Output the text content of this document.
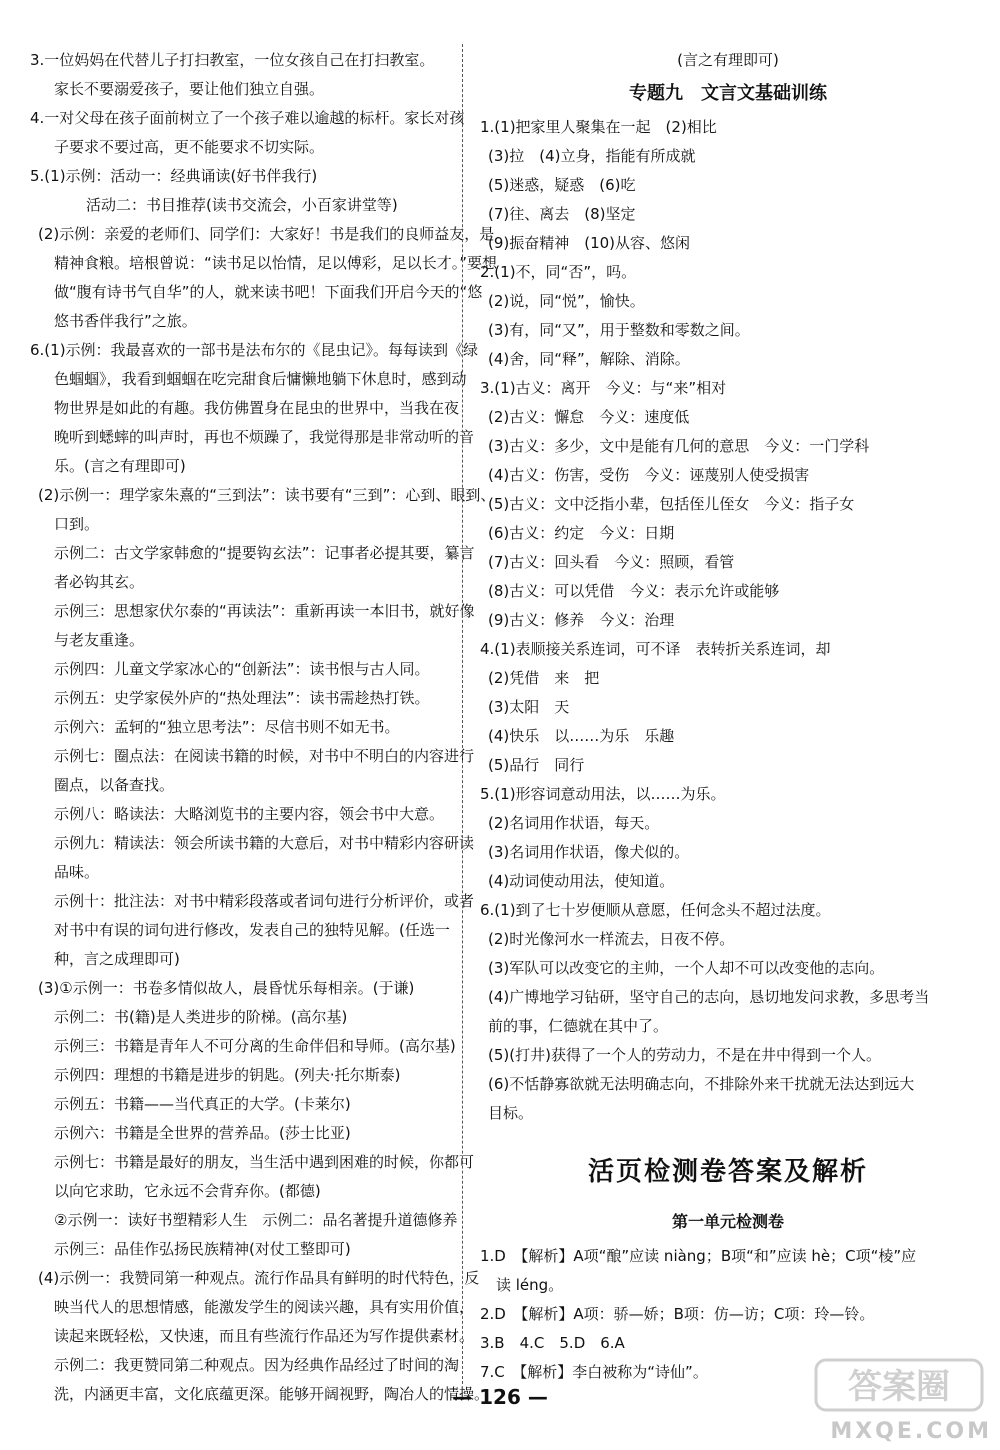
3.一位妈妈在代替儿子打扫教室，一位女孩自己在打扫教室。
家长不要溺爱孩子，要让他们独立自强。
4.一对父母在孩子面前树立了一个孩子难以逾越的标杆。家长对孩
子要求不要过高，更不能要求不切实际。
5.(1)示例：活动一：经典诵读(好书伴我行)
活动二：书目推荐(读书交流会，小百家讲堂等)
(2)示例：亲爱的老师们、同学们：大家好！书是我们的良师益友，是
精神食粮。培根曾说：“读书足以怡情，足以傅彩，足以长才。”要想
做“腹有诗书气自华”的人，就来读书吧！下面我们开启今天的“悠
悠书香伴我行”之旅。
6.(1)示例：我最喜欢的一部书是法布尔的《昆虫记》。每每读到《绿
色蝈蝈》，我看到蝈蝈在吃完甜食后慵懒地躺下休息时，感到动
物世界是如此的有趣。我仿佛置身在昆虫的世界中，当我在夜
晚听到蟋蟀的叫声时，再也不烦躁了，我觉得那是非常动听的音
乐。(言之有理即可)
(2)示例一：理学家朱熹的“三到法”：读书要有“三到”：心到、眼到、
口到。
示例二：古文学家韩愈的“提要钩玄法”：记事者必提其要，纂言
者必钩其玄。
示例三：思想家伏尔泰的“再读法”：重新再读一本旧书，就好像
与老友重逢。
示例四：儿童文学家冰心的“创新法”：读书恨与古人同。
示例五：史学家侯外庐的“热处理法”：读书需趁热打铁。
示例六：孟轲的“独立思考法”：尽信书则不如无书。
示例七：圈点法：在阅读书籍的时候，对书中不明白的内容进行
圈点，以备查找。
示例八：略读法：大略浏览书的主要内容，领会书中大意。
示例九：精读法：领会所读书籍的大意后，对书中精彩内容研读
品味。
示例十：批注法：对书中精彩段落或者词句进行分析评价，或者
对书中有误的词句进行修改，发表自己的独特见解。(任选一
种，言之成理即可)
(3)①示例一：书卷多情似故人，晨昏忧乐每相亲。(于谦)
示例二：书(籍)是人类进步的阶梯。(高尔基)
示例三：书籍是青年人不可分离的生命伴侣和导师。(高尔基)
示例四：理想的书籍是进步的钥匙。(列夫·托尔斯泰)
示例五：书籍——当代真正的大学。(卡莱尔)
示例六：书籍是全世界的营养品。(莎士比亚)
示例七：书籍是最好的朋友，当生活中遇到困难的时候，你都可
以向它求助，它永远不会背弃你。(都德)
②示例一：读好书塑精彩人生　示例二：品名著提升道德修养
示例三：品佳作弘扬民族精神(对仗工整即可)
(4)示例一：我赞同第一种观点。流行作品具有鲜明的时代特色，反
映当代人的思想情感，能激发学生的阅读兴趣，具有实用价值，
读起来既轻松，又快速，而且有些流行作品还为写作提供素材。
示例二：我更赞同第二种观点。因为经典作品经过了时间的淘
洗，内涵更丰富，文化底蕴更深。能够开阔视野，陶冶人的情操。
(言之有理即可)
专题九　文言文基础训练
1.(1)把家里人聚集在一起　(2)相比
(3)拉　(4)立身，指能有所成就
(5)迷惑，疑惑　(6)吃
(7)往、离去　(8)坚定
(9)振奋精神　(10)从容、悠闲
2.(1)不，同“否”，吗。
(2)说，同“悦”，愉快。
(3)有，同“又”，用于整数和零数之间。
(4)舍，同“释”，解除、消除。
3.(1)古义：离开　今义：与“来”相对
(2)古义：懈怠　今义：速度低
(3)古义：多少，文中是能有几何的意思　今义：一门学科
(4)古义：伤害，受伤　今义：诬蔑别人使受损害
(5)古义：文中泛指小辈，包括侄儿侄女　今义：指子女
(6)古义：约定　今义：日期
(7)古义：回头看　今义：照顾，看管
(8)古义：可以凭借　今义：表示允许或能够
(9)古义：修养　今义：治理
4.(1)表顺接关系连词，可不译　表转折关系连词，却
(2)凭借　来　把
(3)太阳　天
(4)快乐　以……为乐　乐趣
(5)品行　同行
5.(1)形容词意动用法，以……为乐。
(2)名词用作状语，每天。
(3)名词用作状语，像犬似的。
(4)动词使动用法，使知道。
6.(1)到了七十岁便顺从意愿，任何念头不超过法度。
(2)时光像河水一样流去，日夜不停。
(3)军队可以改变它的主帅，一个人却不可以改变他的志向。
(4)广博地学习钻研，坚守自己的志向，恳切地发问求教，多思考当
前的事，仁德就在其中了。
(5)(打井)获得了一个人的劳动力，不是在井中得到一个人。
(6)不恬静寡欲就无法明确志向，不排除外来干扰就无法达到远大
目标。
活页检测卷答案及解析
第一单元检测卷
1.D　【解析】A项“酿”应读 niàng；B项“和”应读 hè；C项“棱”应
读 léng。
2.D　【解析】A项：骄—娇；B项：仿—访；C项：玲—铃。
3.B　4.C　5.D　6.A
7.C　【解析】李白被称为“诗仙”。
— 126 —	答案圈
MXQE.COM
